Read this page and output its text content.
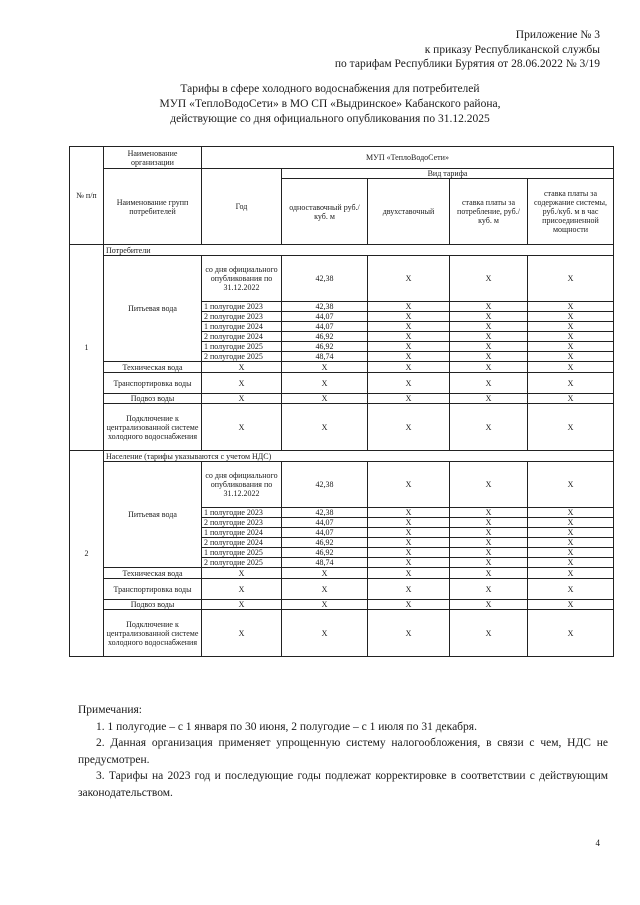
Приложение № 3
к приказу Республиканской службы
по тарифам Республики Бурятия от 28.06.2022 № 3/19
Тарифы в сфере холодного водоснабжения для потребителей
МУП «ТеплоВодоСети» в МО СП «Выдринское» Кабанского района,
действующие со дня официального опубликования по 31.12.2025
№ п/п	Наименование организации	МУП «ТеплоВодоСети»				
	Наименование групп потребителей	Год	Вид тарифа			
			одноставочный руб./ куб. м	двухставочный	ставка платы за потребление, руб./ куб. м	ставка платы за содержание системы, руб./куб. м в час присоединенной мощности
1	Потребители					
	Питьевая вода	со дня официального опубликования по 31.12.2022	42,38	X	X	X
		1 полугодие 2023	42,38	X	X	X
		2 полугодие 2023	44,07	X	X	X
		1 полугодие 2024	44,07	X	X	X
		2 полугодие 2024	46,92	X	X	X
		1 полугодие 2025	46,92	X	X	X
		2 полугодие 2025	48,74	X	X	X
	Техническая вода	X	X	X	X	X
	Транспортировка воды	X	X	X	X	X
	Подвоз воды	X	X	X	X	X
	Подключение к централизованной системе холодного водоснабжения	X	X	X	X	X
2	Население (тарифы указываются с учетом НДС)					
	Питьевая вода	со дня официального опубликования по 31.12.2022	42,38	X	X	X
		1 полугодие 2023	42,38	X	X	X
		2 полугодие 2023	44,07	X	X	X
		1 полугодие 2024	44,07	X	X	X
		2 полугодие 2024	46,92	X	X	X
		1 полугодие 2025	46,92	X	X	X
		2 полугодие 2025	48,74	X	X	X
	Техническая вода	X	X	X	X	X
	Транспортировка воды	X	X	X	X	X
	Подвоз воды	X	X	X	X	X
	Подключение к централизованной системе холодного водоснабжения	X	X	X	X	X

Примечания:

1. 1 полугодие – с 1 января по 30 июня, 2 полугодие – с 1 июля по 31 декабря.

2. Данная организация применяет упрощенную систему налогообложения, в связи с чем, НДС не предусмотрен.

3. Тарифы на 2023 год и последующие годы подлежат корректировке в соответствии с действующим законодательством.

4
